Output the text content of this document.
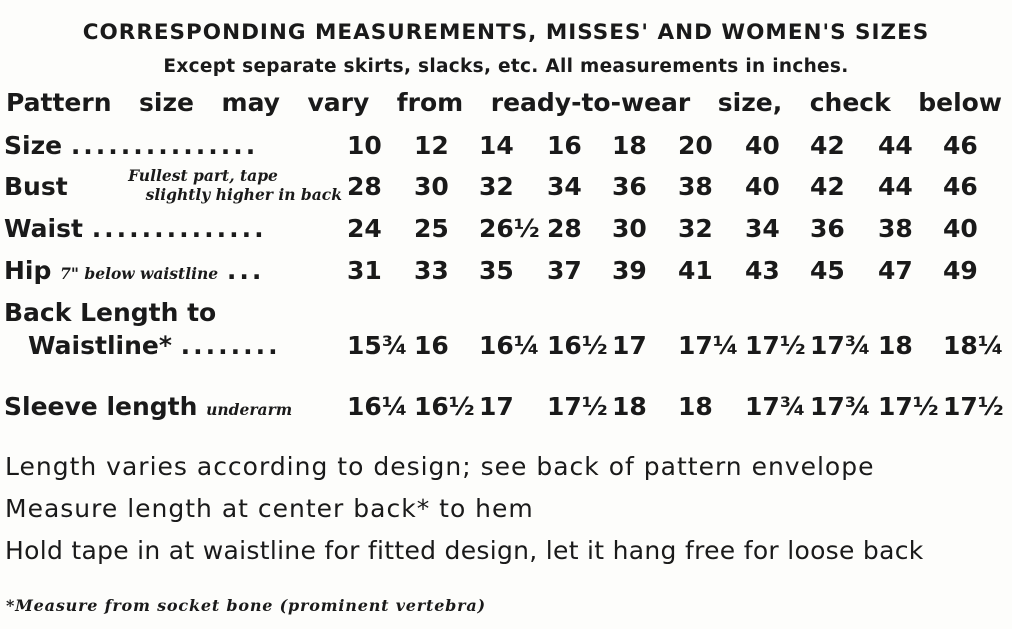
CORRESPONDING MEASUREMENTS, MISSES' AND WOMEN'S SIZES
Except separate skirts, slacks, etc. All measurements in inches.
Pattern size may vary from ready-to-wear size, check below
Size ...............
Bust	Fullest part, tape
slightly higher in back
Waist ..............
Hip 7" below waistline ...
Back Length to
Waistline* ........
Sleeve length underarm
10 12 14 16 18 20 40 42 44 46
28 30 32 34 36 38 40 42 44 46
24 25 26½ 28 30 32 34 36 38 40
31 33 35 37 39 41 43 45 47 49
15¾ 16 16¼ 16½ 17 17¼ 17½ 17¾ 18 18¼
16¼ 16½ 17 17½ 18 18 17¾ 17¾ 17½ 17½
Length varies according to design; see back of pattern envelope
Measure length at center back* to hem
Hold tape in at waistline for fitted design, let it hang free for loose back
*Measure from socket bone (prominent vertebra)
